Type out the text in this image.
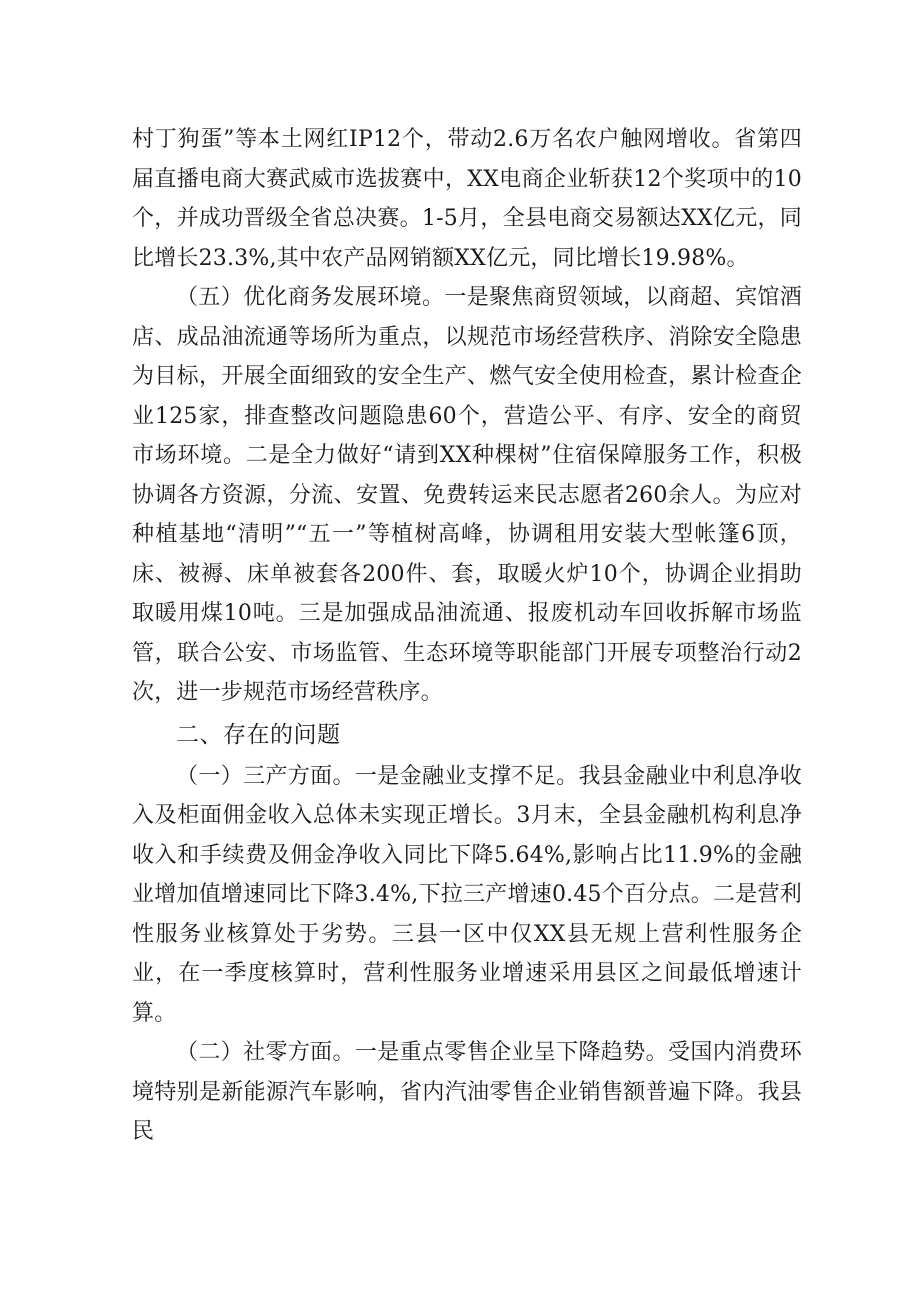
村丁狗蛋”等本土网红IP12个，带动2.6万名农户触网增收。省第四届直播电商大赛武威市选拔赛中，XX电商企业斩获12个奖项中的10个，并成功晋级全省总决赛。1-5月，全县电商交易额达XX亿元，同比增长23.3%,其中农产品网销额XX亿元，同比增长19.98%。

（五）优化商务发展环境。一是聚焦商贸领域，以商超、宾馆酒店、成品油流通等场所为重点，以规范市场经营秩序、消除安全隐患为目标，开展全面细致的安全生产、燃气安全使用检查，累计检查企业125家，排查整改问题隐患60个，营造公平、有序、安全的商贸市场环境。二是全力做好“请到XX种棵树”住宿保障服务工作，积极协调各方资源，分流、安置、免费转运来民志愿者260余人。为应对种植基地“清明”“五一”等植树高峰，协调租用安装大型帐篷6顶，床、被褥、床单被套各200件、套，取暖火炉10个，协调企业捐助取暖用煤10吨。三是加强成品油流通、报废机动车回收拆解市场监管，联合公安、市场监管、生态环境等职能部门开展专项整治行动2次，进一步规范市场经营秩序。

二、存在的问题

（一）三产方面。一是金融业支撑不足。我县金融业中利息净收入及柜面佣金收入总体未实现正增长。3月末，全县金融机构利息净收入和手续费及佣金净收入同比下降5.64%,影响占比11.9%的金融业增加值增速同比下降3.4%,下拉三产增速0.45个百分点。二是营利性服务业核算处于劣势。三县一区中仅XX县无规上营利性服务企业，在一季度核算时，营利性服务业增速采用县区之间最低增速计算。

（二）社零方面。一是重点零售企业呈下降趋势。受国内消费环境特别是新能源汽车影响，省内汽油零售企业销售额普遍下降。我县民
